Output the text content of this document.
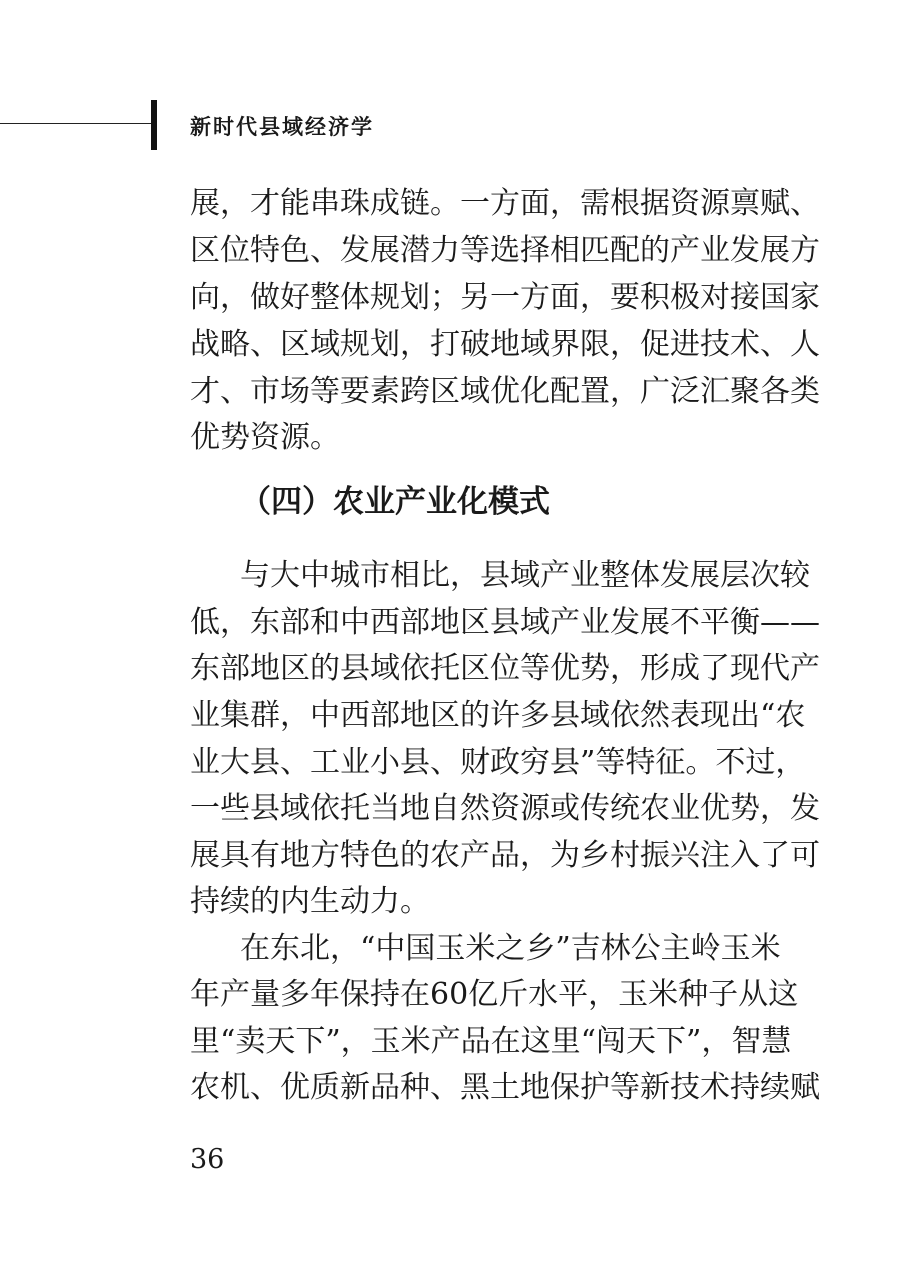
新时代县域经济学
展，才能串珠成链。一方面，需根据资源禀赋、
区位特色、发展潜力等选择相匹配的产业发展方
向，做好整体规划；另一方面，要积极对接国家
战略、区域规划，打破地域界限，促进技术、人
才、市场等要素跨区域优化配置，广泛汇聚各类
优势资源。
（四）农业产业化模式
与大中城市相比，县域产业整体发展层次较
低，东部和中西部地区县域产业发展不平衡——
东部地区的县域依托区位等优势，形成了现代产
业集群，中西部地区的许多县域依然表现出“农
业大县、工业小县、财政穷县”等特征。不过，
一些县域依托当地自然资源或传统农业优势，发
展具有地方特色的农产品，为乡村振兴注入了可
持续的内生动力。
在东北，“中国玉米之乡”吉林公主岭玉米
年产量多年保持在60亿斤水平，玉米种子从这
里“卖天下”，玉米产品在这里“闯天下”，智慧
农机、优质新品种、黑土地保护等新技术持续赋
36
